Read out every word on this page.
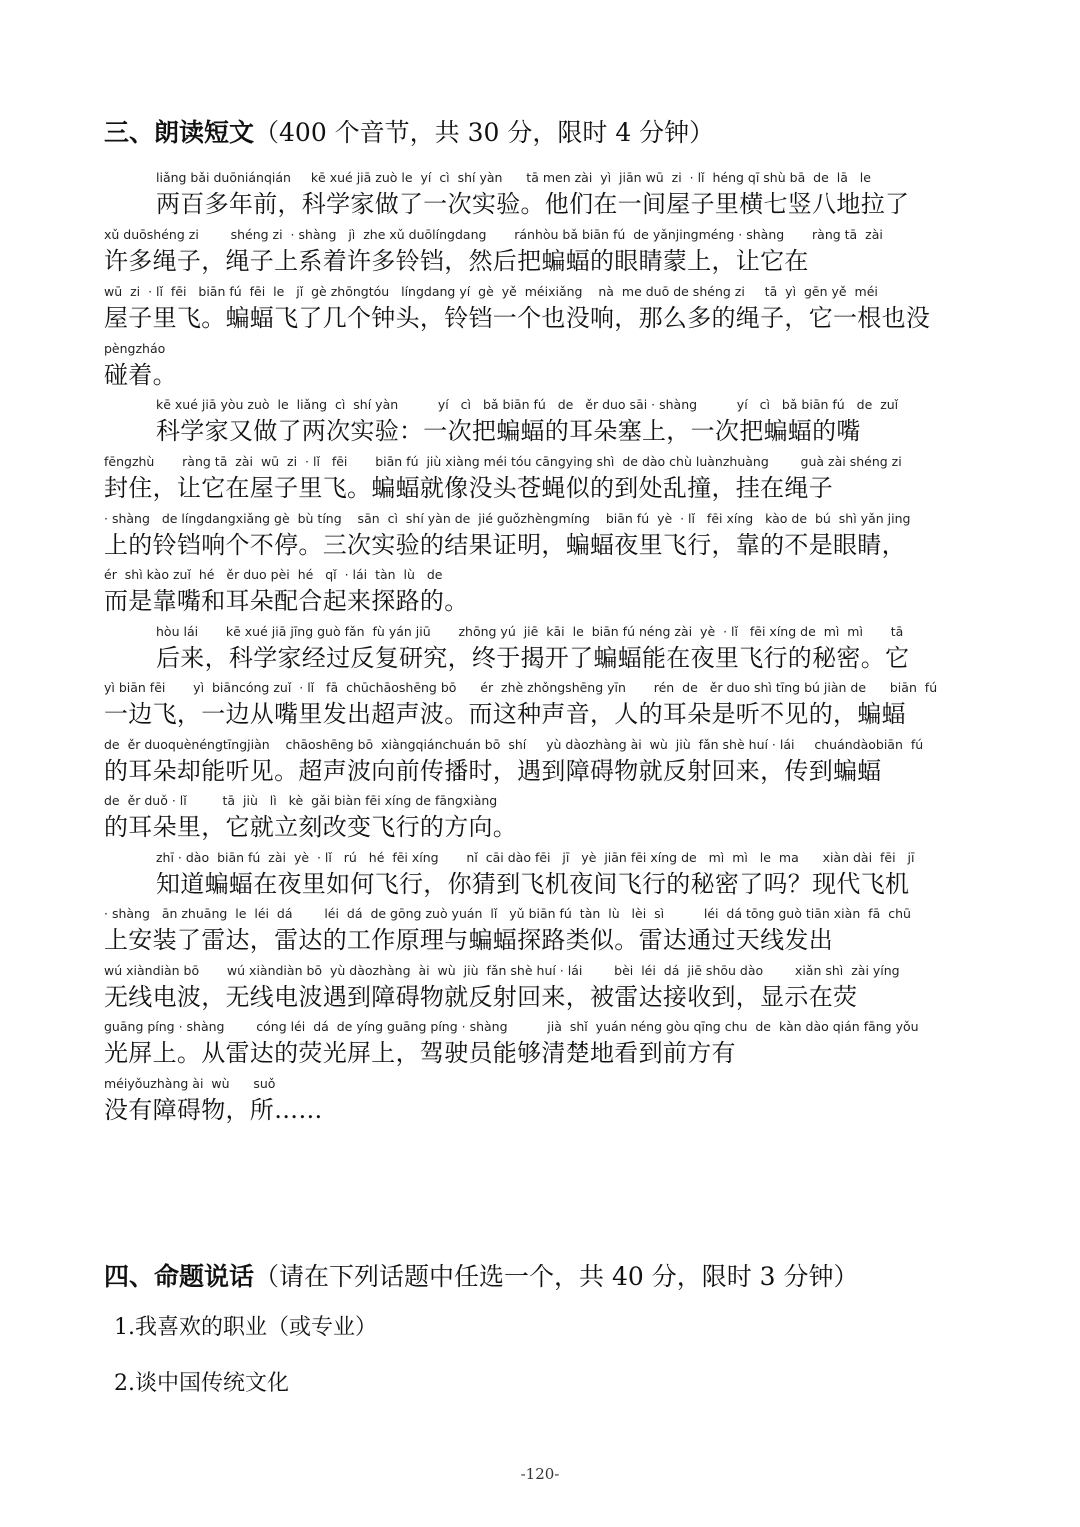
三、朗读短文（400 个音节，共 30 分，限时 4 分钟）
liǎng bǎi duōniánqián     kē xué jiā zuò le  yí  cì  shí yàn      tā men zài  yì  jiān wū  zi  · lǐ  héng qī shù bā  de  lā   le
两百多年前，科学家做了一次实验。他们在一间屋子里横七竖八地拉了
xǔ duōshéng zi        shéng zi  · shàng   jì  zhe xǔ duōlíngdang       ránhòu bǎ biān fú  de yǎnjingméng · shàng       ràng tā  zài
许多绳子，绳子上系着许多铃铛，然后把蝙蝠的眼睛蒙上，让它在
wū  zi  · lǐ  fēi   biān fú  fēi  le   jǐ  gè zhōngtóu   língdang yí  gè  yě  méixiǎng    nà  me duō de shéng zi     tā  yì  gēn yě  méi
屋子里飞。蝙蝠飞了几个钟头，铃铛一个也没响，那么多的绳子，它一根也没
pèngzháo
碰着。
kē xué jiā yòu zuò  le  liǎng  cì  shí yàn          yí   cì   bǎ biān fú   de   ěr duo sāi · shàng          yí   cì   bǎ biān fú   de  zuǐ
科学家又做了两次实验：一次把蝙蝠的耳朵塞上，一次把蝙蝠的嘴
fēngzhù       ràng tā  zài  wū  zi  · lǐ   fēi       biān fú  jiù xiàng méi tóu cāngying shì  de dào chù luànzhuàng        guà zài shéng zi
封住，让它在屋子里飞。蝙蝠就像没头苍蝇似的到处乱撞，挂在绳子
· shàng   de língdangxiǎng gè  bù tíng    sān  cì  shí yàn de  jié guǒzhèngmíng    biān fú  yè  · lǐ   fēi xíng   kào de  bú  shì yǎn jing
上的铃铛响个不停。三次实验的结果证明，蝙蝠夜里飞行，靠的不是眼睛，
ér  shì kào zuǐ  hé   ěr duo pèi  hé   qǐ  · lái  tàn  lù   de
而是靠嘴和耳朵配合起来探路的。
hòu lái       kē xué jiā jīng guò fǎn  fù yán jiū       zhōng yú  jiē  kāi  le  biān fú néng zài  yè  · lǐ   fēi xíng de  mì  mì       tā
后来，科学家经过反复研究，终于揭开了蝙蝠能在夜里飞行的秘密。它
yì biān fēi       yì  biāncóng zuǐ  · lǐ   fā  chūchāoshēng bō      ér  zhè zhǒngshēng yīn       rén  de   ěr duo shì tīng bú jiàn de      biān  fú
一边飞，一边从嘴里发出超声波。而这种声音，人的耳朵是听不见的，蝙蝠
de  ěr duoquènéngtīngjiàn    chāoshēng bō  xiàngqiánchuán bō  shí     yù dàozhàng ài  wù  jiù  fǎn shè huí · lái     chuándàobiān  fú
的耳朵却能听见。超声波向前传播时，遇到障碍物就反射回来，传到蝙蝠
de  ěr duǒ · lǐ         tā  jiù   lì   kè  gǎi biàn fēi xíng de fāngxiàng
的耳朵里，它就立刻改变飞行的方向。
zhī · dào  biān fú  zài  yè  · lǐ   rú   hé  fēi xíng       nǐ  cāi dào fēi   jī   yè  jiān fēi xíng de   mì  mì   le  ma      xiàn dài  fēi   jī
知道蝙蝠在夜里如何飞行，你猜到飞机夜间飞行的秘密了吗？现代飞机
· shàng   ān zhuāng  le  léi  dá        léi  dá  de gōng zuò yuán  lǐ   yǔ biān fú  tàn  lù   lèi  sì          léi  dá tōng guò tiān xiàn  fā  chū
上安装了雷达，雷达的工作原理与蝙蝠探路类似。雷达通过天线发出
wú xiàndiàn bō       wú xiàndiàn bō  yù dàozhàng  ài  wù  jiù  fǎn shè huí · lái        bèi  léi  dá  jiē shōu dào        xiǎn shì  zài yíng
无线电波，无线电波遇到障碍物就反射回来，被雷达接收到，显示在荧
guāng píng · shàng        cóng léi  dá  de yíng guāng píng · shàng          jià  shǐ  yuán néng gòu qīng chu  de  kàn dào qián fāng yǒu
光屏上。从雷达的荧光屏上，驾驶员能够清楚地看到前方有
méiyǒuzhàng ài  wù      suǒ
没有障碍物，所……
四、命题说话（请在下列话题中任选一个，共 40 分，限时 3 分钟）
1.我喜欢的职业（或专业）
2.谈中国传统文化
-120-
